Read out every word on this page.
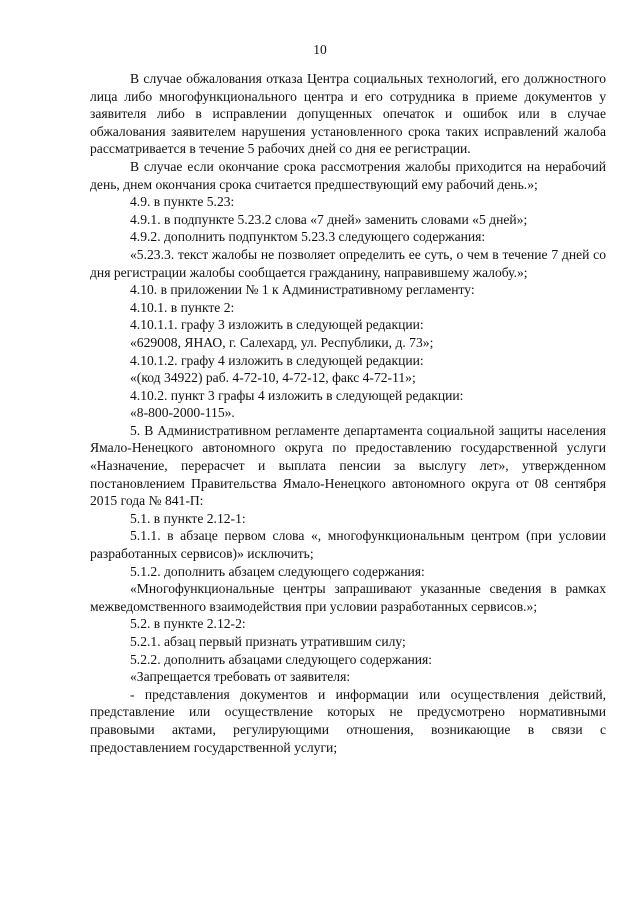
10

В случае обжалования отказа Центра социальных технологий, его должностного лица либо многофункционального центра и его сотрудника в приеме документов у заявителя либо в исправлении допущенных опечаток и ошибок или в случае обжалования заявителем нарушения установленного срока таких исправлений жалоба рассматривается в течение 5 рабочих дней со дня ее регистрации.

В случае если окончание срока рассмотрения жалобы приходится на нерабочий день, днем окончания срока считается предшествующий ему рабочий день.»;

4.9. в пункте 5.23:

4.9.1. в подпункте 5.23.2 слова «7 дней» заменить словами «5 дней»;

4.9.2. дополнить подпунктом 5.23.3 следующего содержания:

«5.23.3. текст жалобы не позволяет определить ее суть, о чем в течение 7 дней со дня регистрации жалобы сообщается гражданину, направившему жалобу.»;

4.10. в приложении № 1 к Административному регламенту:

4.10.1. в пункте 2:

4.10.1.1. графу 3 изложить в следующей редакции:

«629008, ЯНАО, г. Салехард, ул. Республики, д. 73»;

4.10.1.2. графу 4 изложить в следующей редакции:

«(код 34922) раб. 4-72-10, 4-72-12, факс 4-72-11»;

4.10.2. пункт 3 графы 4 изложить в следующей редакции:

«8-800-2000-115».

5. В Административном регламенте департамента социальной защиты населения Ямало-Ненецкого автономного округа по предоставлению государственной услуги «Назначение, перерасчет и выплата пенсии за выслугу лет», утвержденном постановлением Правительства Ямало-Ненецкого автономного округа от 08 сентября 2015 года № 841-П:

5.1. в пункте 2.12-1:

5.1.1. в абзаце первом слова «, многофункциональным центром (при условии разработанных сервисов)» исключить;

5.1.2. дополнить абзацем следующего содержания:

«Многофункциональные центры запрашивают указанные сведения в рамках межведомственного взаимодействия при условии разработанных сервисов.»;

5.2. в пункте 2.12-2:

5.2.1. абзац первый признать утратившим силу;

5.2.2. дополнить абзацами следующего содержания:

«Запрещается требовать от заявителя:

- представления документов и информации или осуществления действий, представление или осуществление которых не предусмотрено нормативными правовыми актами, регулирующими отношения, возникающие в связи с предоставлением государственной услуги;
